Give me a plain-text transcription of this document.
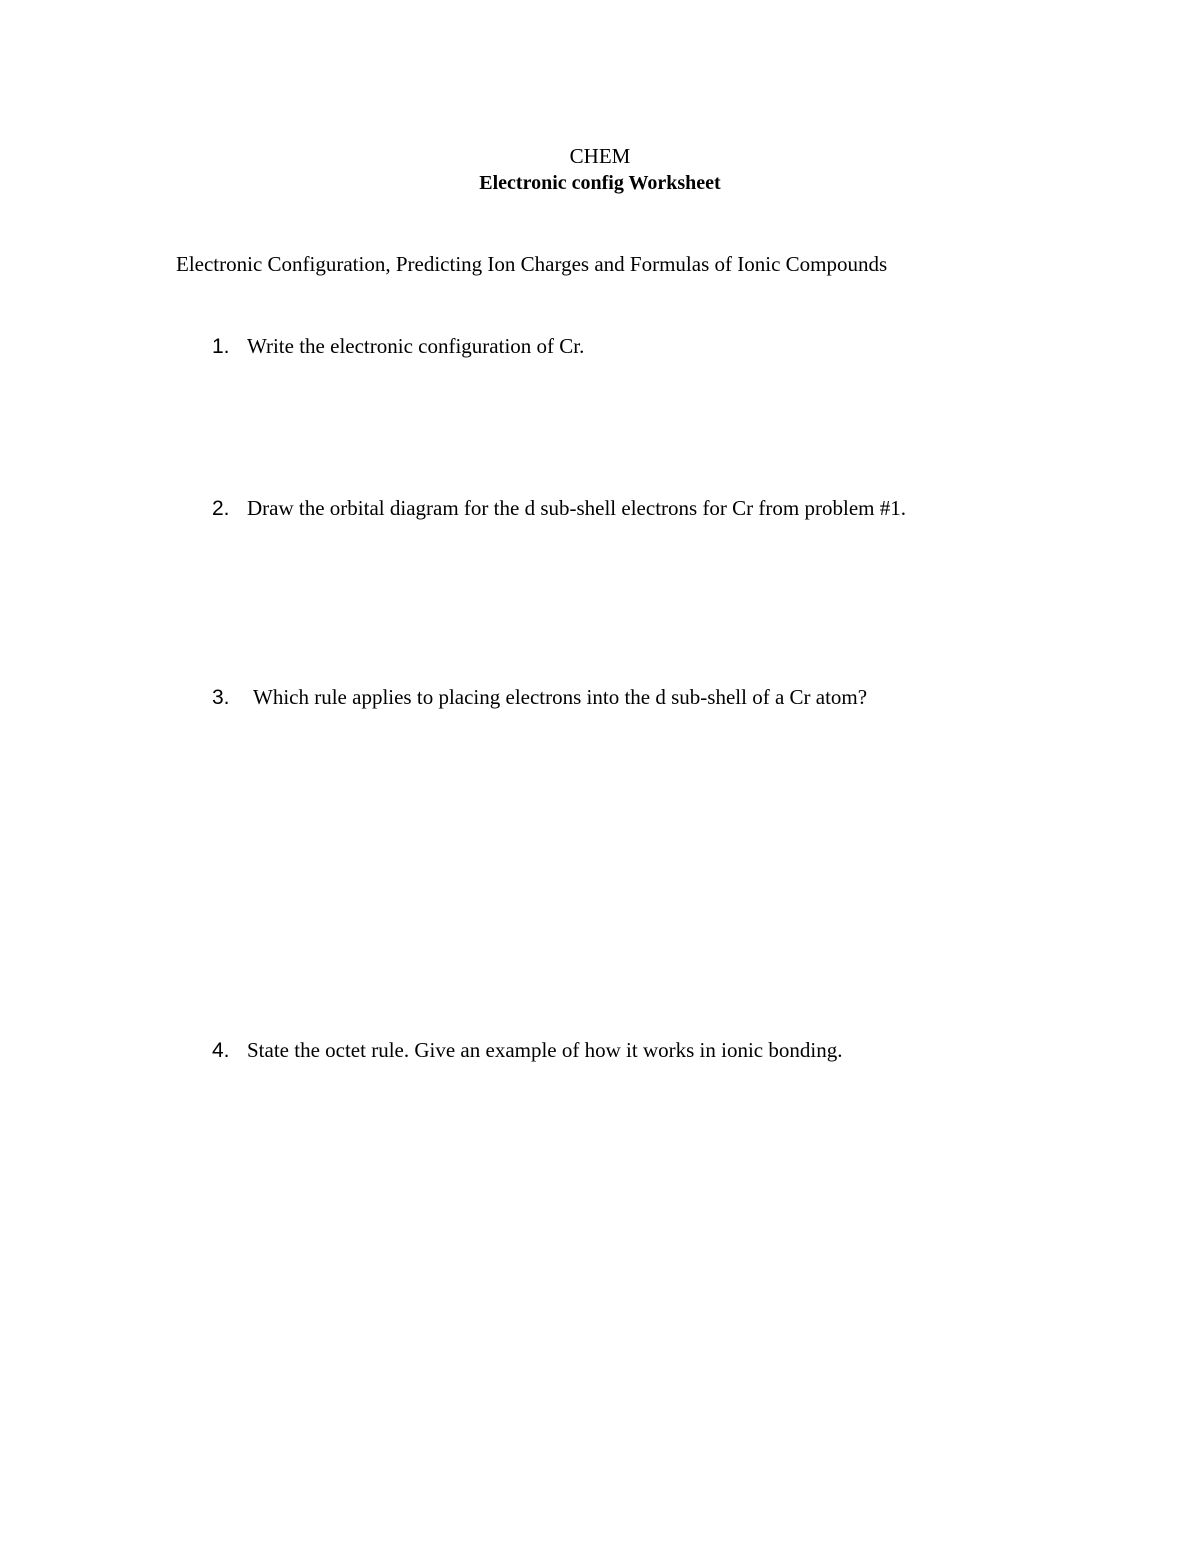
CHEM
Electronic config Worksheet
Electronic Configuration, Predicting Ion Charges and Formulas of Ionic Compounds
1. Write the electronic configuration of Cr.
2. Draw the orbital diagram for the d sub-shell electrons for Cr from problem #1.
3. Which rule applies to placing electrons into the d sub-shell of a Cr atom?
4. State the octet rule. Give an example of how it works in ionic bonding.
